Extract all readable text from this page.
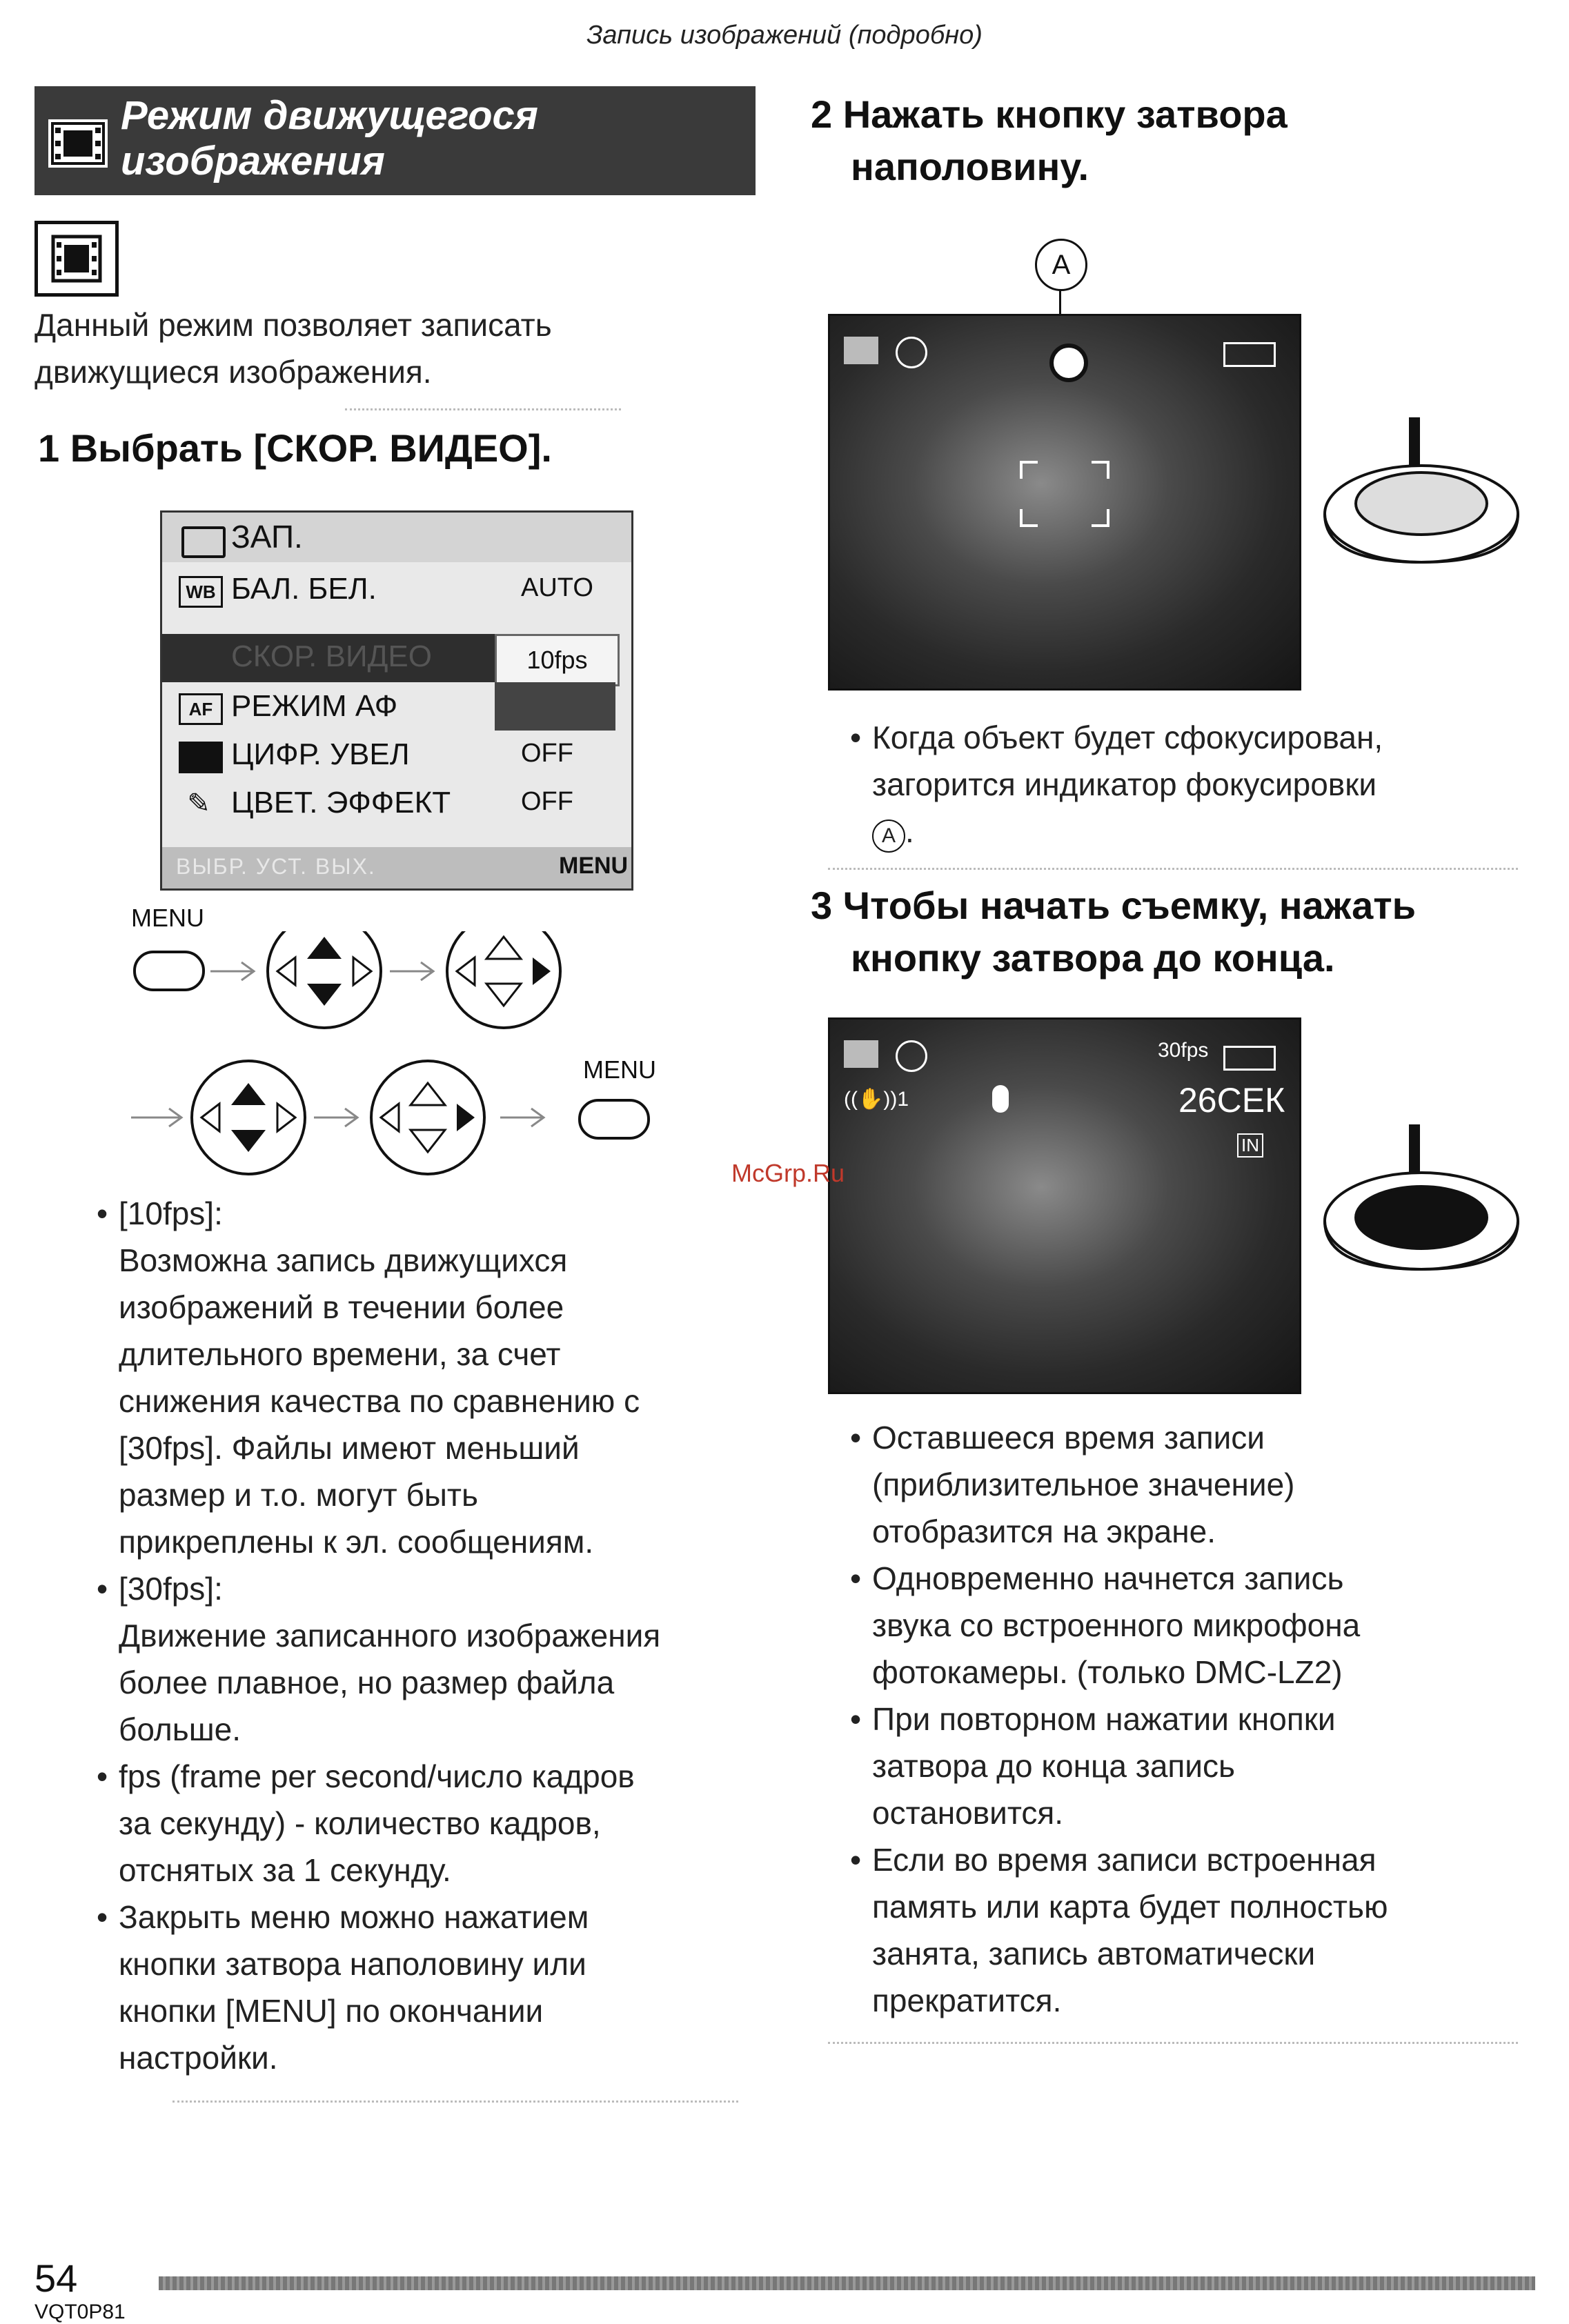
Запись изображений (подробно)
Режим движущегося
изображения
Данный режим позволяет записать движущиеся изображения.
1 Выбрать [СКОР. ВИДЕО].
ЗАП.
WB БАЛ. БЕЛ.	AUTO
СКОР. ВИДЕО	10fps
AF РЕЖИМ АФ
ЦИФР. УВЕЛ	OFF
✎ ЦВЕТ. ЭФФЕКТ	OFF
ВЫБР. УСТ. ВЫХ.	MENU
MENU
MENU
• [10fps]:
Возможна запись движущихся
изображений в течении более
длительного времени, за счет
снижения качества по сравнению с
[30fps]. Файлы имеют меньший
размер и т.о. могут быть
прикреплены к эл. сообщениям.
• [30fps]:
Движение записанного изображения
более плавное, но размер файла
больше.
• fps (frame per second/число кадров
за секунду) - количество кадров,
отснятых за 1 секунду.
• Закрыть меню можно нажатием
кнопки затвора наполовину или
кнопки [MENU] по окончании
настройки.
2 Нажать кнопку затвора
наполовину.
A
• Когда объект будет сфокусирован,
загорится индикатор фокусировки
A .
3 Чтобы начать съемку, нажать
кнопку затвора до конца.
30fps
((✋))1	26СЕК
IN
• Оставшееся время записи
(приблизительное значение)
отобразится на экране.
• Одновременно начнется запись
звука со встроенного микрофона
фотокамеры. (только DMC-LZ2)
• При повторном нажатии кнопки
затвора до конца запись
остановится.
• Если во время записи встроенная
память или карта будет полностью
занята, запись автоматически
прекратится.
McGrp.Ru
54
VQT0P81
